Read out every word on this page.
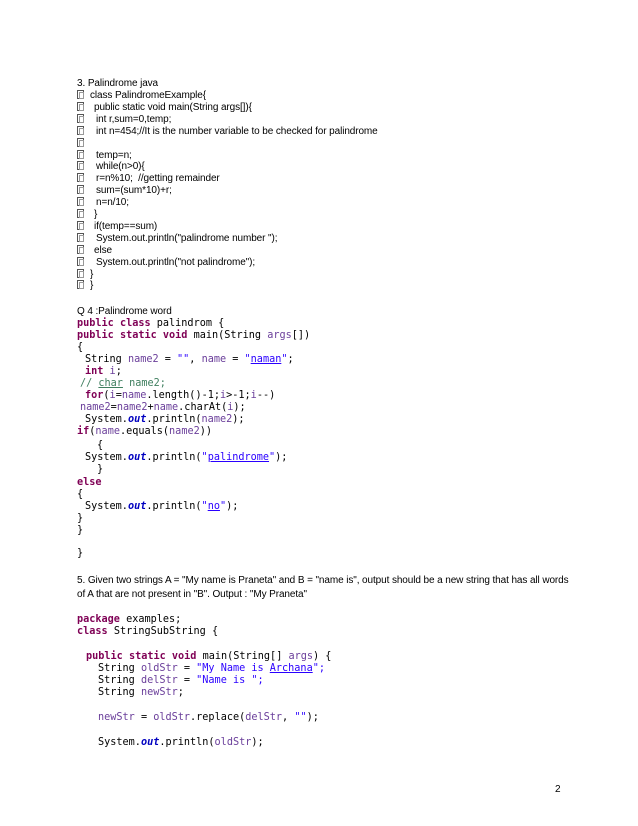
3. Palindrome java
class PalindromeExample{
public static void main(String args[]){
int r,sum=0,temp;
int n=454;//It is the number variable to be checked for palindrome
temp=n;
while(n>0){
r=n%10;  //getting remainder
sum=(sum*10)+r;
n=n/10;
}
if(temp==sum)
System.out.println("palindrome number ");
else
System.out.println("not palindrome");
}
}
Q 4 :Palindrome word
public class palindrom {
public static void main(String args[])
{
String name2 = "", name = "naman";
int i;
// char name2;
for(i=name.length()-1;i>-1;i--)
name2=name2+name.charAt(i);
System.out.println(name2);
if(name.equals(name2))
{
System.out.println("palindrome");
}
else
{
System.out.println("no");
}
}
}
5. Given two strings A = "My name is Praneta" and B = "name is", output should be a new string that has all words
of A that are not present in "B". Output : "My Praneta"
package examples;
class StringSubString {
public static void main(String[] args) {
String oldStr = "My Name is Archana";
String delStr = "Name is ";
String newStr;
newStr = oldStr.replace(delStr, "");
System.out.println(oldStr);
2
